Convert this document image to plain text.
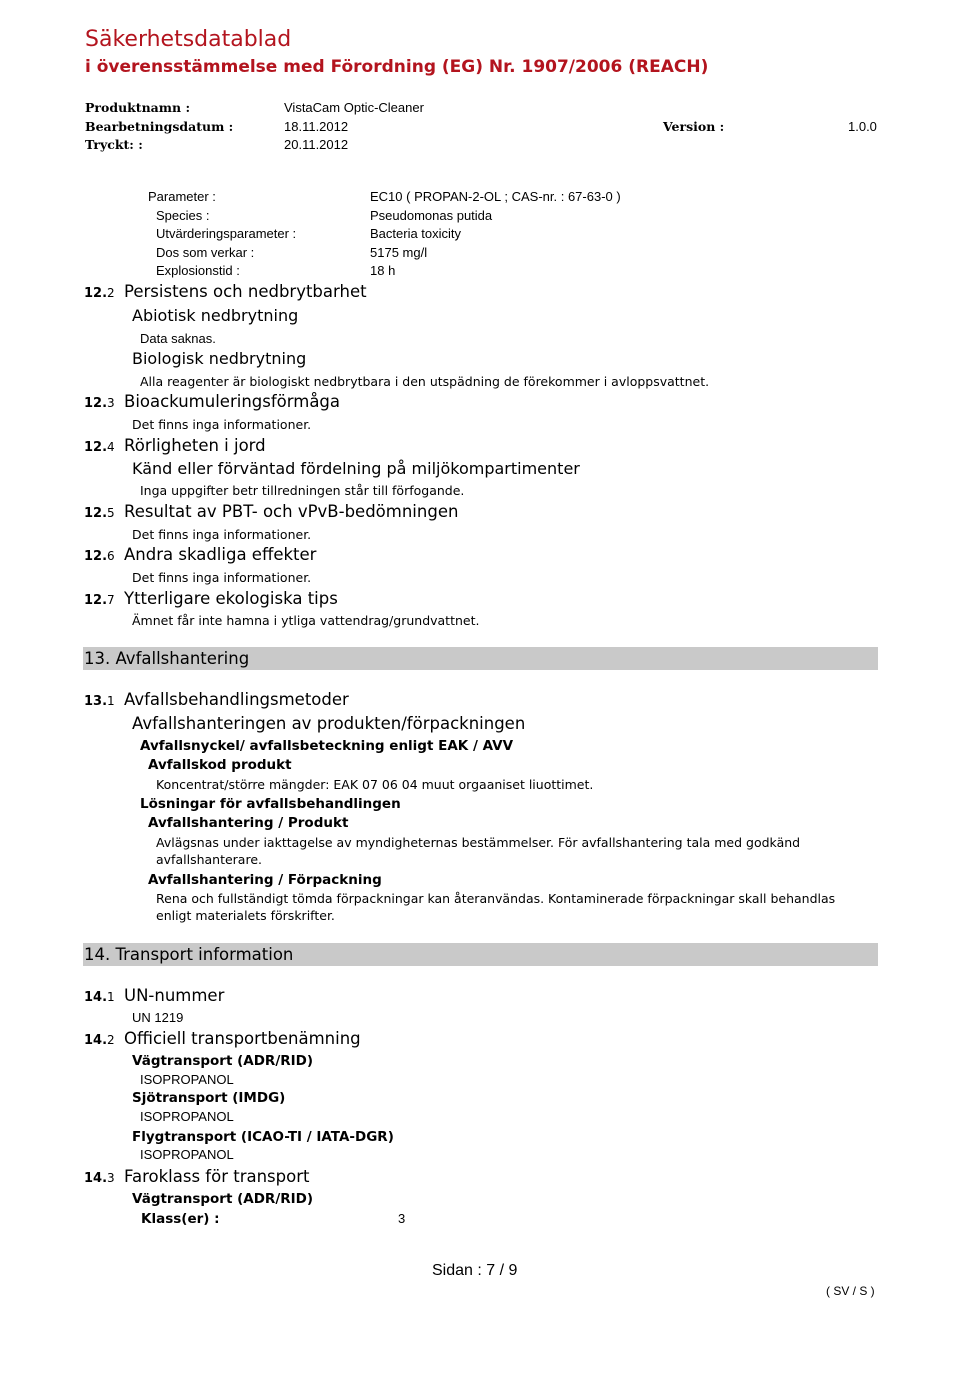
Säkerhetsdatablad
i överensstämmelse med Förordning (EG) Nr. 1907/2006 (REACH)
Produktnamn :	VistaCam Optic-Cleaner
Bearbetningsdatum :	18.11.2012	Version :	1.0.0
Tryckt: :	20.11.2012
Parameter :	EC10 ( PROPAN-2-OL ; CAS-nr. : 67-63-0 )
Species :	Pseudomonas putida
Utvärderingsparameter :	Bacteria toxicity
Dos som verkar :	5175 mg/l
Explosionstid :	18 h
12.2 Persistens och nedbrytbarhet
Abiotisk nedbrytning
Data saknas.
Biologisk nedbrytning
Alla reagenter är biologiskt nedbrytbara i den utspädning de förekommer i avloppsvattnet.
12.3 Bioackumuleringsförmåga
Det finns inga informationer.
12.4 Rörligheten i jord
Känd eller förväntad fördelning på miljökompartimenter
Inga uppgifter betr tillredningen står till förfogande.
12.5 Resultat av PBT- och vPvB-bedömningen
Det finns inga informationer.
12.6 Andra skadliga effekter
Det finns inga informationer.
12.7 Ytterligare ekologiska tips
Ämnet får inte hamna i ytliga vattendrag/grundvattnet.
13. Avfallshantering
13.1 Avfallsbehandlingsmetoder
Avfallshanteringen av produkten/förpackningen
Avfallsnyckel/ avfallsbeteckning enligt EAK / AVV
Avfallskod produkt
Koncentrat/större mängder: EAK 07 06 04 muut orgaaniset liuottimet.
Lösningar för avfallsbehandlingen
Avfallshantering / Produkt
Avlägsnas under iakttagelse av myndigheternas bestämmelser. För avfallshantering tala med godkänd avfallshanterare.
Avfallshantering / Förpackning
Rena och fullständigt tömda förpackningar kan återanvändas. Kontaminerade förpackningar skall behandlas enligt materialets förskrifter.
14. Transport information
14.1 UN-nummer
UN 1219
14.2 Officiell transportbenämning
Vägtransport (ADR/RID)
ISOPROPANOL
Sjötransport (IMDG)
ISOPROPANOL
Flygtransport (ICAO-TI / IATA-DGR)
ISOPROPANOL
14.3 Faroklass för transport
Vägtransport (ADR/RID)
Klass(er) :	3
Sidan : 7 / 9
( SV / S )
